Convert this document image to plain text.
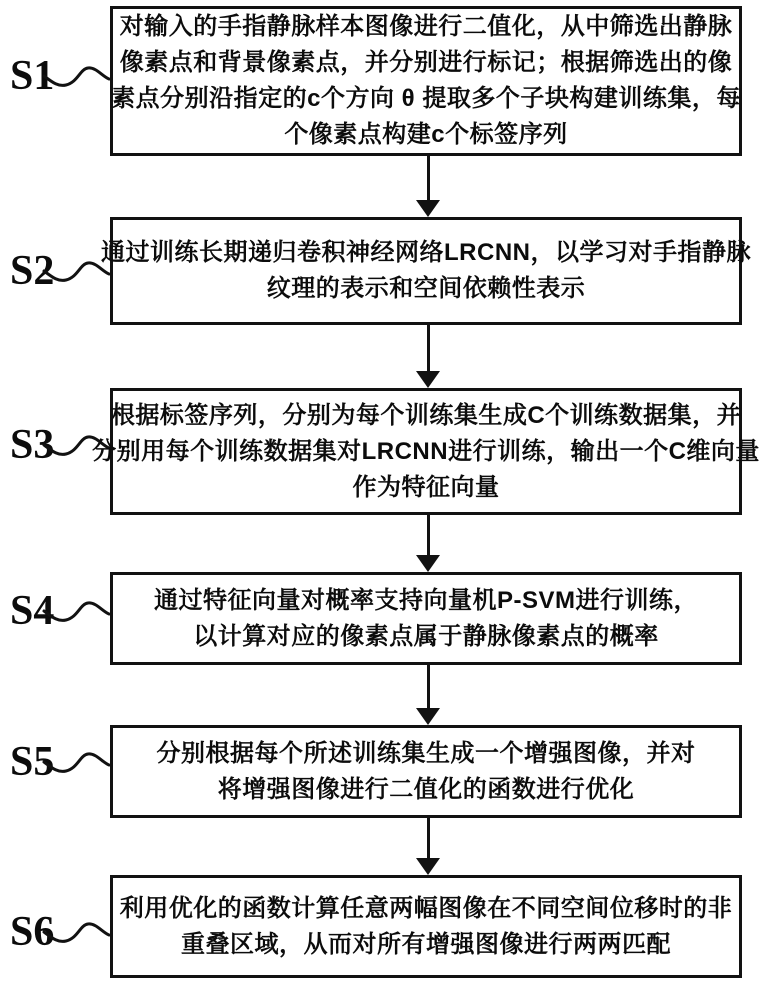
S1
对输入的手指静脉样本图像进行二值化，从中筛选出静脉
像素点和背景像素点，并分别进行标记；根据筛选出的像
素点分别沿指定的c个方向 θ 提取多个子块构建训练集，每
个像素点构建c个标签序列
S2 通过训练长期递归卷积神经网络LRCNN，以学习对手指静脉
纹理的表示和空间依赖性表示
S3
根据标签序列，分别为每个训练集生成C个训练数据集，并
分别用每个训练数据集对LRCNN进行训练，输出一个C维向量
作为特征向量
S4	通过特征向量对概率支持向量机P-SVM进行训练，
以计算对应的像素点属于静脉像素点的概率
S5	分别根据每个所述训练集生成一个增强图像，并对
将增强图像进行二值化的函数进行优化
S6
利用优化的函数计算任意两幅图像在不同空间位移时的非
重叠区域，从而对所有增强图像进行两两匹配
